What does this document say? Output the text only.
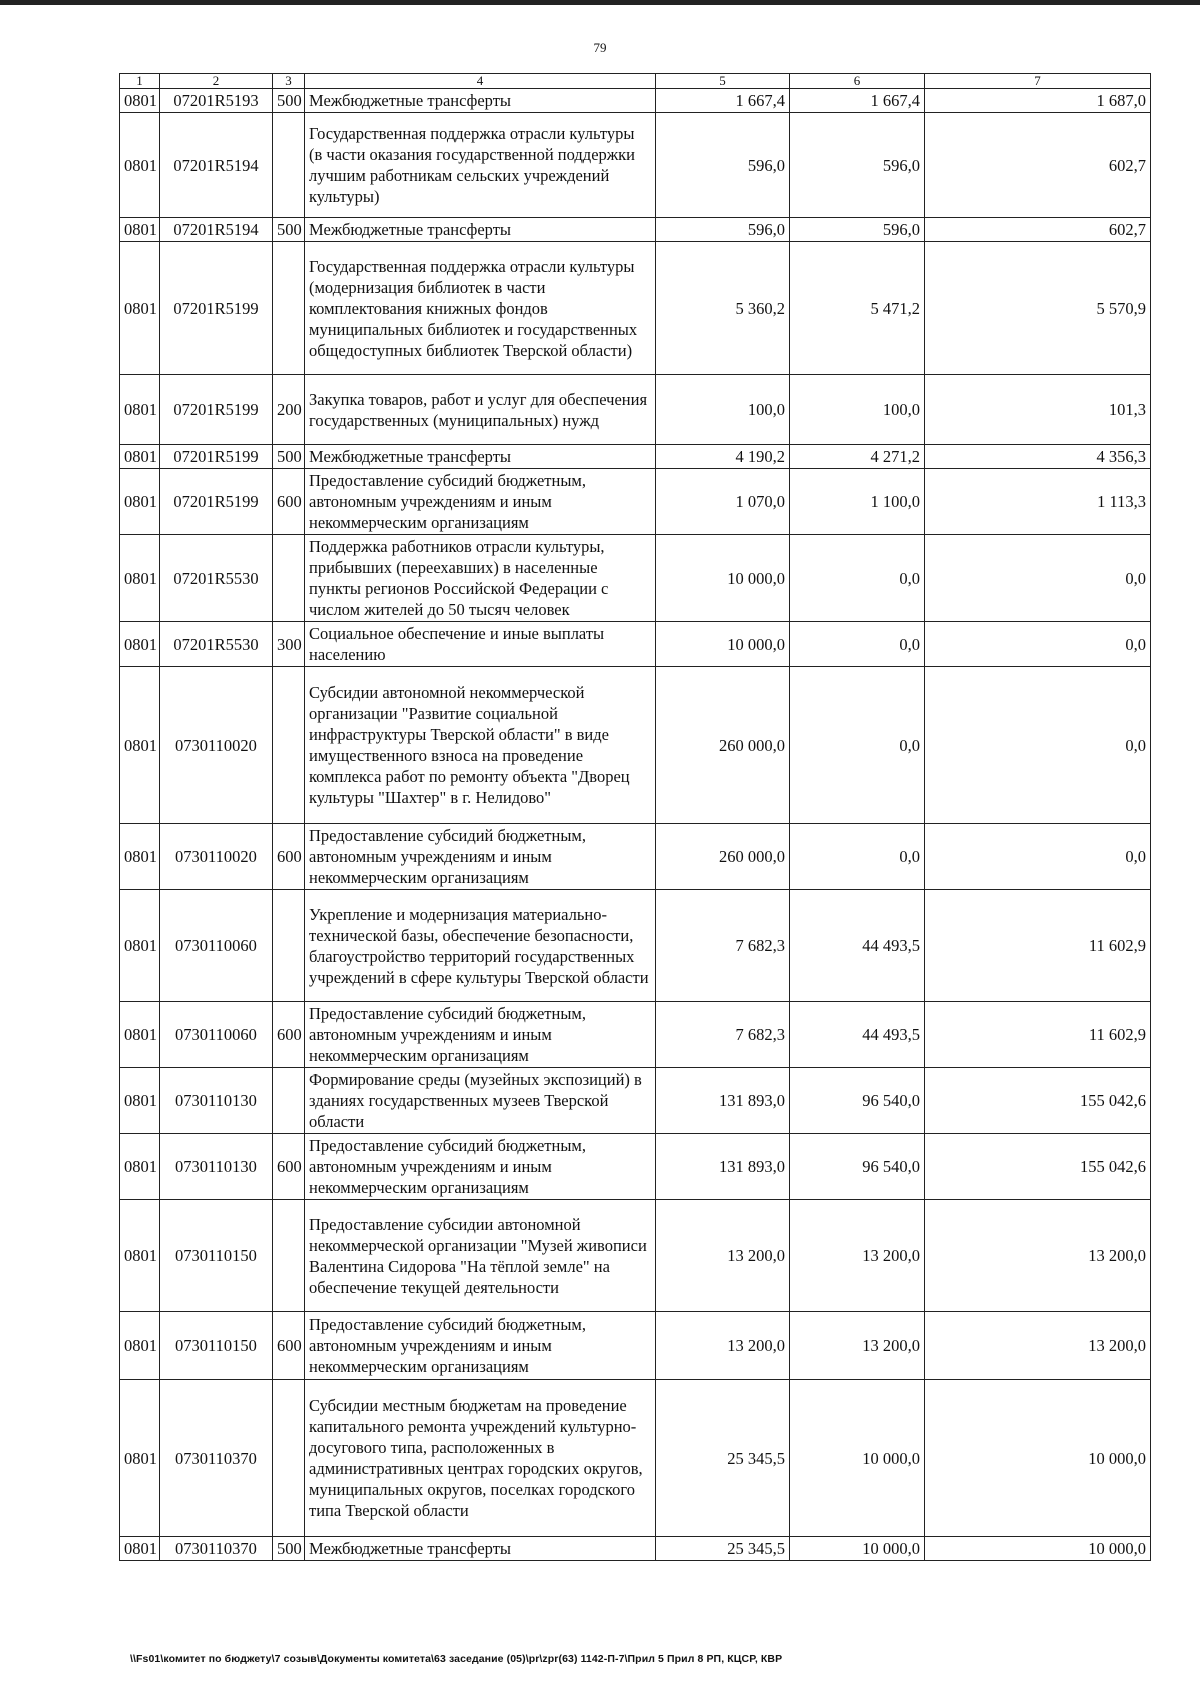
79
1	2	3	4	5	6	7
0801	07201R5193	500	Межбюджетные трансферты	1 667,4	1 667,4	1 687,0
0801	07201R5194		Государственная поддержка отрасли культуры (в части оказания государственной поддержки лучшим работникам сельских учреждений культуры)	596,0	596,0	602,7
0801	07201R5194	500	Межбюджетные трансферты	596,0	596,0	602,7
0801	07201R5199		Государственная поддержка отрасли культуры (модернизация библиотек в части комплектования книжных фондов муниципальных библиотек и государственных общедоступных библиотек Тверской области)	5 360,2	5 471,2	5 570,9
0801	07201R5199	200	Закупка товаров, работ и услуг для обеспечения государственных (муниципальных) нужд	100,0	100,0	101,3
0801	07201R5199	500	Межбюджетные трансферты	4 190,2	4 271,2	4 356,3
0801	07201R5199	600	Предоставление субсидий бюджетным, автономным учреждениям и иным некоммерческим организациям	1 070,0	1 100,0	1 113,3
0801	07201R5530		Поддержка работников отрасли культуры, прибывших (переехавших) в населенные пункты регионов Российской Федерации с числом жителей до 50 тысяч человек	10 000,0	0,0	0,0
0801	07201R5530	300	Социальное обеспечение и иные выплаты населению	10 000,0	0,0	0,0
0801	0730110020		Субсидии автономной некоммерческой организации "Развитие социальной инфраструктуры Тверской области" в виде имущественного взноса на проведение комплекса работ по ремонту объекта "Дворец культуры "Шахтер" в г. Нелидово"	260 000,0	0,0	0,0
0801	0730110020	600	Предоставление субсидий бюджетным, автономным учреждениям и иным некоммерческим организациям	260 000,0	0,0	0,0
0801	0730110060		Укрепление и модернизация материально-технической базы, обеспечение безопасности, благоустройство территорий государственных учреждений в сфере культуры Тверской области	7 682,3	44 493,5	11 602,9
0801	0730110060	600	Предоставление субсидий бюджетным, автономным учреждениям и иным некоммерческим организациям	7 682,3	44 493,5	11 602,9
0801	0730110130		Формирование среды (музейных экспозиций) в зданиях государственных музеев Тверской области	131 893,0	96 540,0	155 042,6
0801	0730110130	600	Предоставление субсидий бюджетным, автономным учреждениям и иным некоммерческим организациям	131 893,0	96 540,0	155 042,6
0801	0730110150		Предоставление субсидии автономной некоммерческой организации "Музей живописи Валентина Сидорова "На тёплой земле" на обеспечение текущей деятельности	13 200,0	13 200,0	13 200,0
0801	0730110150	600	Предоставление субсидий бюджетным, автономным учреждениям и иным некоммерческим организациям	13 200,0	13 200,0	13 200,0
0801	0730110370		Субсидии местным бюджетам на проведение капитального ремонта учреждений культурно-досугового типа, расположенных в административных центрах городских округов, муниципальных округов, поселках городского типа Тверской области	25 345,5	10 000,0	10 000,0
0801	0730110370	500	Межбюджетные трансферты	25 345,5	10 000,0	10 000,0
\\Fs01\комитет по бюджету\7 созыв\Документы комитета\63 заседание (05)\pr\zpr(63) 1142-П-7\Прил 5 Прил 8 РП, КЦСР, КВР
